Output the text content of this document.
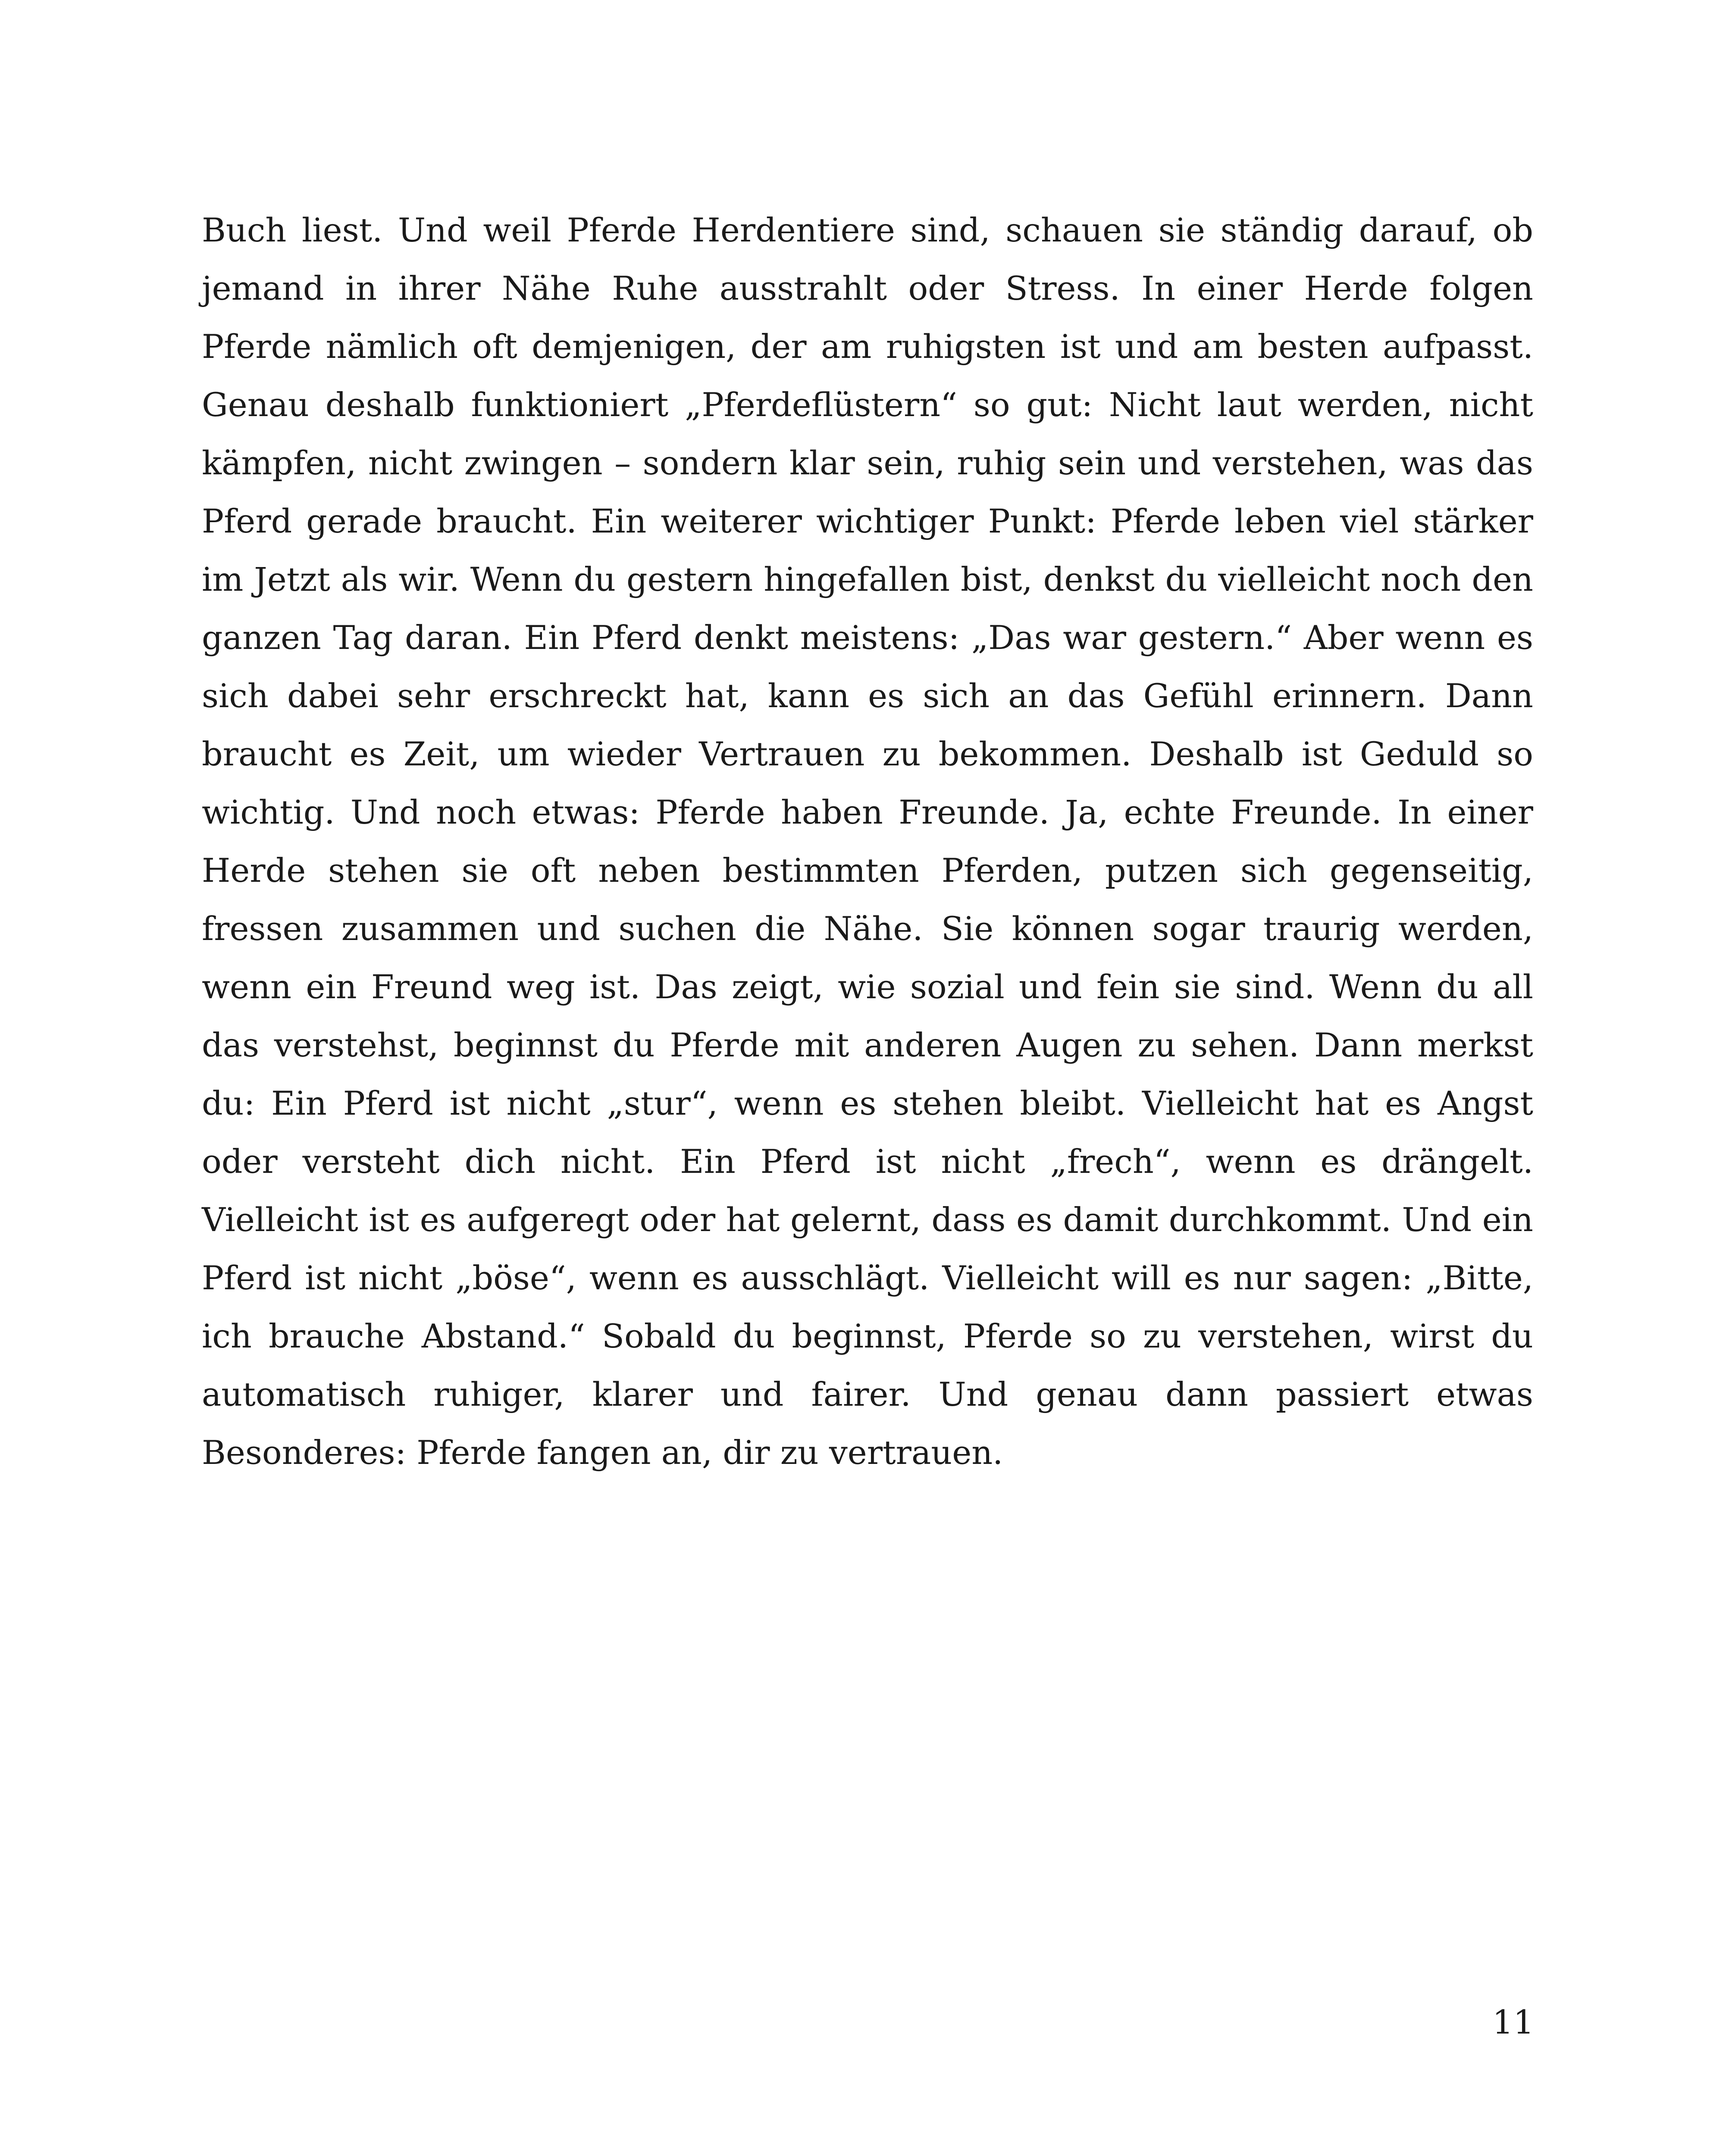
Buch liest. Und weil Pferde Herdentiere sind, schauen sie ständig darauf, ob jemand in ihrer Nähe Ruhe ausstrahlt oder Stress. In einer Herde folgen Pferde nämlich oft demjenigen, der am ruhigsten ist und am besten aufpasst. Genau deshalb funktioniert „Pferdeflüstern“ so gut: Nicht laut werden, nicht kämpfen, nicht zwingen – sondern klar sein, ruhig sein und verstehen, was das Pferd gerade braucht. Ein weiterer wichtiger Punkt: Pferde leben viel stärker im Jetzt als wir. Wenn du gestern hingefallen bist, denkst du vielleicht noch den ganzen Tag daran. Ein Pferd denkt meistens: „Das war gestern.“ Aber wenn es sich dabei sehr erschreckt hat, kann es sich an das Gefühl erinnern. Dann braucht es Zeit, um wieder Vertrauen zu bekommen. Deshalb ist Geduld so wichtig. Und noch etwas: Pferde haben Freunde. Ja, echte Freunde. In einer Herde stehen sie oft neben bestimmten Pferden, putzen sich gegenseitig, fressen zusammen und suchen die Nähe. Sie können sogar traurig werden, wenn ein Freund weg ist. Das zeigt, wie sozial und fein sie sind. Wenn du all das verstehst, beginnst du Pferde mit anderen Augen zu sehen. Dann merkst du: Ein Pferd ist nicht „stur“, wenn es stehen bleibt. Vielleicht hat es Angst oder versteht dich nicht. Ein Pferd ist nicht „frech“, wenn es drängelt. Vielleicht ist es aufgeregt oder hat gelernt, dass es damit durchkommt. Und ein Pferd ist nicht „böse“, wenn es ausschlägt. Vielleicht will es nur sagen: „Bitte, ich brauche Abstand.“ Sobald du beginnst, Pferde so zu verstehen, wirst du automatisch ruhiger, klarer und fairer. Und genau dann passiert etwas Besonderes: Pferde fangen an, dir zu vertrauen.

11
